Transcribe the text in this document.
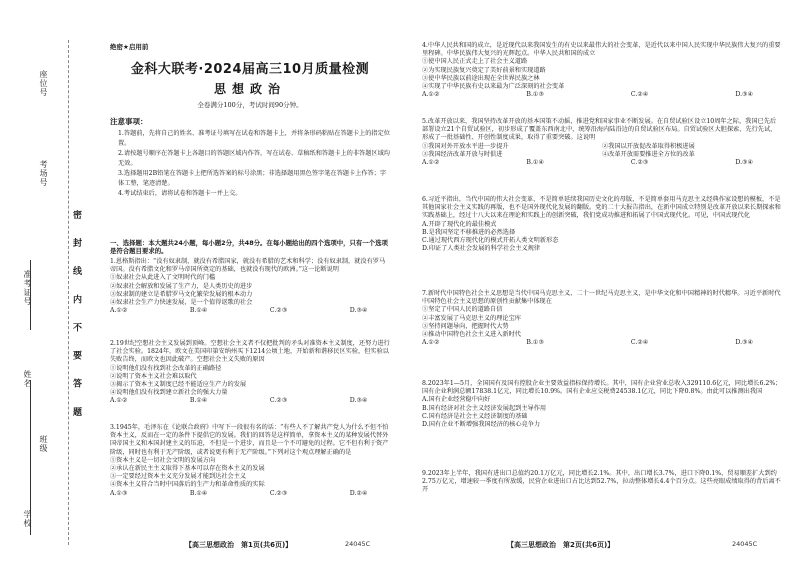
座位号
考场号
准考证号
姓名
班级
学校
密 封 线 内 不 要 答 题
绝密★启用前
金科大联考·2024届高三10月质量检测
思想政治
全卷满分100分，考试时间90分钟。
注意事项：

1.答题前，先将自己的姓名、准考证号填写在试卷和答题卡上，并将条形码粘贴在答题卡上的指定位置。

2.请按题号顺序在答题卡上各题目的答题区域内作答，写在试卷、草稿纸和答题卡上的非答题区域均无效。

3.选择题用2B铅笔在答题卡上把所选答案的标号涂黑；非选择题用黑色签字笔在答题卡上作答；字体工整，笔迹清楚。

4.考试结束后，请将试卷和答题卡一并上交。

一、选择题：本大题共24小题，每小题2分，共48分。在每小题给出的四个选项中，只有一个选项是符合题目要求的。

1.恩格斯指出：“没有奴隶制，就没有希腊国家，就没有希腊的艺术和科学；没有奴隶制，就没有罗马帝国。没有希腊文化和罗马帝国所奠定的基础，也就没有现代的欧洲。”这一论断说明

①奴隶社会从此进入了文明时代的门槛

②奴隶社会解放和发展了生产力，是人类历史的进步

③奴隶制的建立是希腊罗马文化繁荣发展的根本动力

④奴隶社会生产力快速发展，是一个值得讴歌的社会

A.①②	B.①④	C.②③	D.③④

2.19世纪空想社会主义发展到顶峰。空想社会主义者不仅把批判的矛头对准资本主义制度，还努力进行了社会实验。1824年，欧文在美国印第安纳州买下1214公顷土地，开始新和谐移民区实验，但实验以失败告终，而欧文也因此破产。空想社会主义失败的原因

①说明他们没有找到社会改革的正确路径

②说明了资本主义社会难以取代

③揭示了资本主义制度已经不能适应生产力的发展

④说明他们没有找到建立新社会的强大力量

A.①②	B.①④	C.②③	D.③④

3.1945年，毛泽东在《论联合政府》中写下一段很有名的话：“有些人不了解共产党人为什么不但不怕资本主义，反而在一定的条件下提倡它的发展。我们的回答是这样简单，拿资本主义的某种发展代替外国帝国主义和本国封建主义的压迫，不但是一个进步，而且是一个不可避免的过程。它不但有利于资产阶级，同时也有利于无产阶级，或者说更有利于无产阶级。”下列对这个观点理解正确的是

①资本主义是一切社会文明的发展方向

②承认在新民主主义取得下基本可以存在资本主义的发展

③一定要经过资本主义充分发展才能到达社会主义

④资本主义符合当时中国落后的生产力和革命性质的实际

A.①③	B.①④	C.②③	D.②④
【高三思想政治　第1页(共6页)】	24045C

4.中华人民共和国的成立，是近现代以来我国发生的有史以来最伟大的社会变革，是近代以来中国人民实现中华民族伟大复兴的重要里程碑。中华民族伟大复兴的光辉起点。中华人民共和国的成立

①使中国人民正式走上了社会主义道路

②为实现民族复兴奠定了美好前景和实现道路

③使中华民族以前途出现在全世界民族之林

④实现了中华民族有史以来最为广泛深刻的社会变革

A.①②	B.①③	C.②④	D.③④

5.改革开放以来，我国坚持改革开放的基本国策不动摇，推进党和国家事业不断发展。在自贸试验区设立10周年之际，我国已先后部署设立21个自贸试验区，初步形成了覆盖东西南北中，统筹沿海内陆沿边的自贸试验区布局。自贸试验区大胆探索、先行先试，形成了一批基础性、开创性制度成果，取得了重要突破。这说明

①我国对外开放水平进一步提升	②我国以开放促改革取得积极进展
③我国经济改革开放与时俱进	④改革开放需要推进全方位的改革
A.①②	B.①④	C.②③	D.③④

6.习近平指出，当代中国的伟大社会变革，不是简单延续我国历史文化的母版，不是简单套用马克思主义经典作家设想的模板，不是其他国家社会主义实践的再版，也不是国外现代化发展的翻版。党的二十大报告指出，在新中国成立特别是改革开放以来长期探索和实践基础上，经过十八大以来在理论和实践上的创新突破，我们党成功推进和拓展了中国式现代化。可见，中国式现代化

A.开辟了现代化的最佳模式

B.是我国坚定不移推进的必然选择

C.通过现代西方现代化的模式开拓人类文明新形态

D.印证了人类社会发展的科学社会主义规律

7.新时代中国特色社会主义思想是当代中国马克思主义、二十一世纪马克思主义，是中华文化和中国精神的时代精华。习近平新时代中国特色社会主义思想的原创性贡献集中体现在

①坚定了中国人民的道路自信

②丰富发展了马克思主义的理论宝库

③坚持问题导向，把握时代大势

④推动中国特色社会主义进入新时代

A.①②	B.①③	C.②④	D.③④

8.2023年1—5月，全国国有及国有控股企业主要效益指标保持增长。其中，国有企业营业总收入329110.6亿元，同比增长6.2%；国有企业利润总额17838.1亿元，同比增长10.9%。国有企业应交税费24538.1亿元，同比下降0.8%。由此可以推测出我国

A.国有企业经营稳中向好

B.国有经济对社会主义经济发展起到主导作用

C.国有经济是社会主义经济制度的基础

D.国有企业不断增强我国经济的核心竞争力

9.2023年上半年，我国有进出口总值约20.1万亿元，同比增长2.1%。其中，出口增长3.7%，进口下降0.1%，贸易顺差扩大到约2.75万亿元，增速较一季度有所放缓，民营企业进出口占比达到52.7%，拉动整体增长4.4个百分点。这些亮眼成绩取得的背后离不开

【高三思想政治　第2页(共6页)】	24045C
